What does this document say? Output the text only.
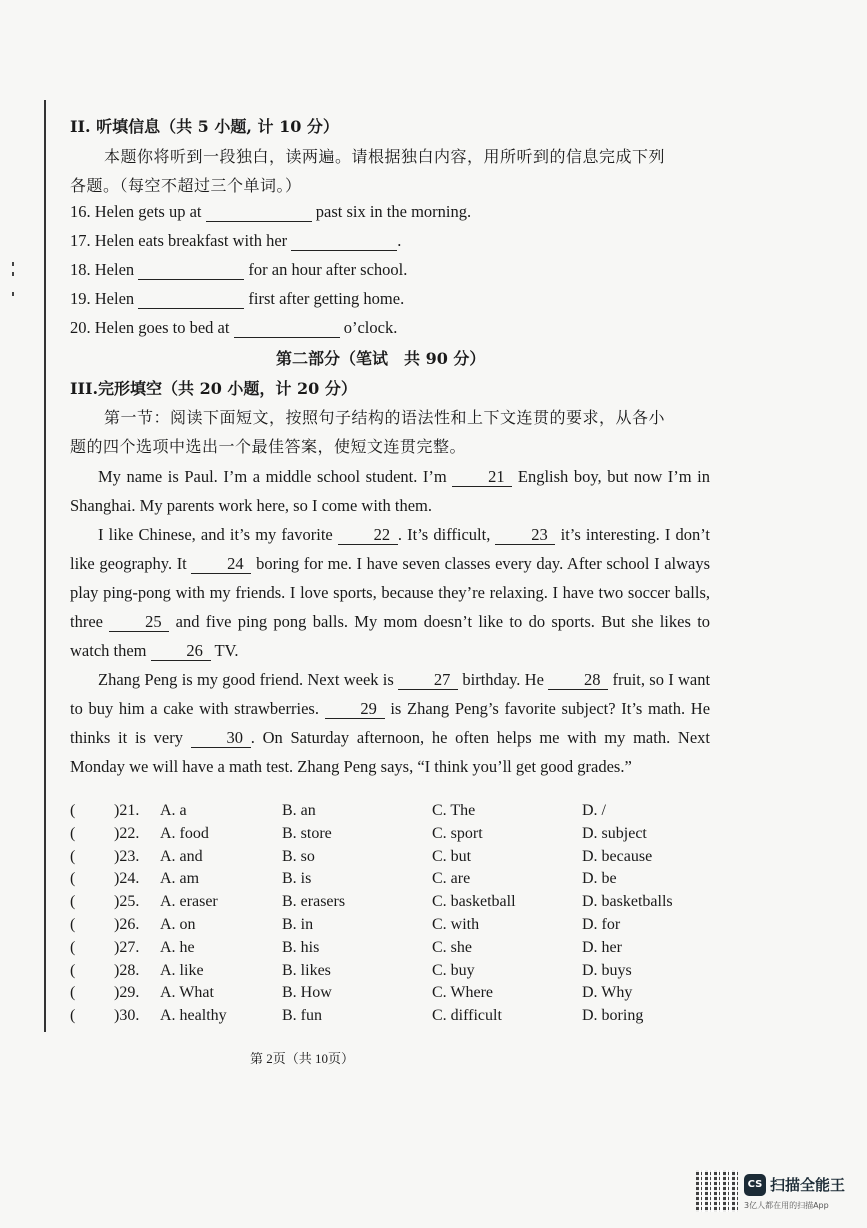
II. 听填信息（共 5 小题, 计 10 分）
本题你将听到一段独白，读两遍。请根据独白内容，用所听到的信息完成下列
各题。（每空不超过三个单词。）
16. Helen gets up at	past six in the morning.
17. Helen eats breakfast with her	.
18. Helen	for an hour after school.
19. Helen	first after getting home.
20. Helen goes to bed at	o’clock.
第二部分（笔试　共 90 分）
III.完形填空（共 20 小题，计 20 分）
第一节：阅读下面短文，按照句子结构的语法性和上下文连贯的要求，从各小
题的四个选项中选出一个最佳答案，使短文连贯完整。

My name is Paul. I’m a middle school student. I’m	21 English boy, but now I’m in Shanghai. My parents work here, so I come with them.

I like Chinese, and it’s my favorite 22 . It’s difficult, 23 it’s interesting. I don’t like geography. It 24 boring for me. I have seven classes every day. After school I always play ping-pong with my friends. I love sports, because they’re relaxing. I have two soccer balls, three	25 and five ping pong balls. My mom doesn’t like to do sports. But she likes to watch them 26 TV.

Zhang Peng is my good friend. Next week is 27 birthday. He 28 fruit, so I want to buy him a cake with strawberries.	29 is Zhang Peng’s favorite subject? It’s math. He thinks it is very	30 . On Saturday afternoon, he often helps me with my math. Next Monday we will have a math test. Zhang Peng says, “I think you’ll get good grades.”

( )21. A. a	B. an	C. The	D. /
( )22. A. food	B. store	C. sport	D. subject
( )23. A. and	B. so	C. but	D. because
( )24. A. am	B. is	C. are	D. be
( )25. A. eraser	B. erasers	C. basketball	D. basketballs
( )26. A. on	B. in	C. with	D. for
( )27. A. he	B. his	C. she	D. her
( )28. A. like	B. likes	C. buy	D. buys
( )29. A. What	B. How	C. Where	D. Why
( )30. A. healthy	B. fun	C. difficult	D. boring
第 2页（共 10页）
CS 扫描全能王
3亿人都在用的扫描App
